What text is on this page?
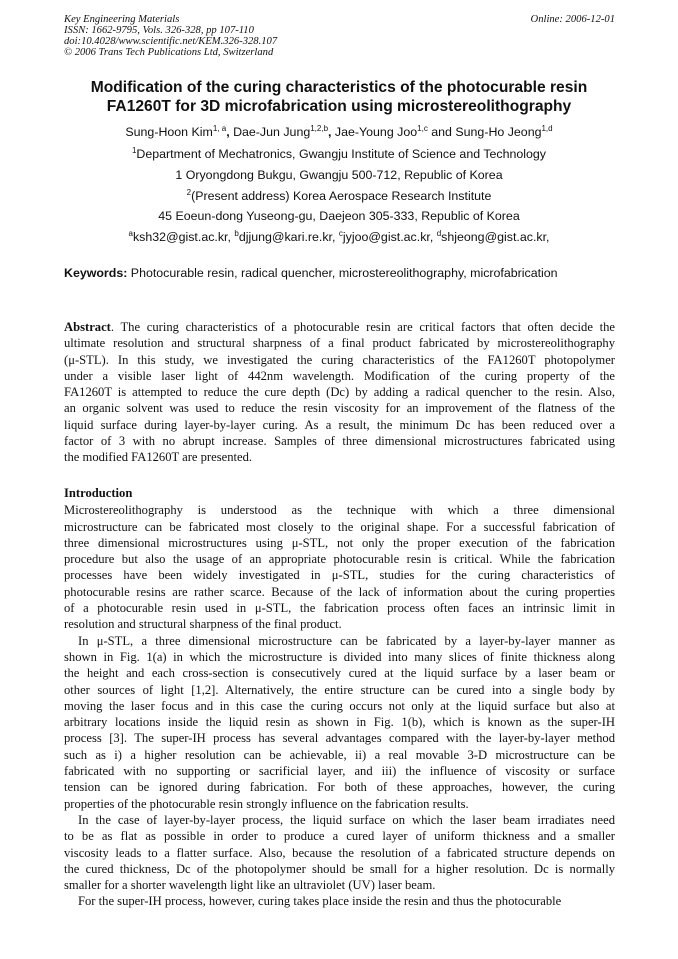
Key Engineering Materials
ISSN: 1662-9795, Vols. 326-328, pp 107-110
doi:10.4028/www.scientific.net/KEM.326-328.107
© 2006 Trans Tech Publications Ltd, Switzerland
Online: 2006-12-01
Modification of the curing characteristics of the photocurable resin
FA1260T for 3D microfabrication using microstereolithography
Sung-Hoon Kim$^{1, a}$, Dae-Jun Jung$^{1,2,b}$, Jae-Young Joo$^{1,c}$ and Sung-Ho Jeong$^{1,d}$
$^1$Department of Mechatronics, Gwangju Institute of Science and Technology
1 Oryongdong Bukgu, Gwangju 500-712, Republic of Korea
$^2$(Present address) Korea Aerospace Research Institute
45 Eoeun-dong Yuseong-gu, Daejeon 305-333, Republic of Korea
$^a$ksh32@gist.ac.kr, $^b$djjung@kari.re.kr, $^c$jyjoo@gist.ac.kr, $^d$shjeong@gist.ac.kr,
Keywords: Photocurable resin, radical quencher, microstereolithography, microfabrication
Abstract. The curing characteristics of a photocurable resin are critical factors that often decide the
ultimate resolution and structural sharpness of a final product fabricated by microstereolithography
(μ-STL). In this study, we investigated the curing characteristics of the FA1260T photopolymer
under a visible laser light of 442nm wavelength. Modification of the curing property of the
FA1260T is attempted to reduce the cure depth (Dc) by adding a radical quencher to the resin. Also,
an organic solvent was used to reduce the resin viscosity for an improvement of the flatness of the
liquid surface during layer-by-layer curing. As a result, the minimum Dc has been reduced over a
factor of 3 with no abrupt increase. Samples of three dimensional microstructures fabricated using
the modified FA1260T are presented.
Introduction
Microstereolithography is understood as the technique with which a three dimensional
microstructure can be fabricated most closely to the original shape. For a successful fabrication of
three dimensional microstructures using μ-STL, not only the proper execution of the fabrication
procedure but also the usage of an appropriate photocurable resin is critical. While the fabrication
processes have been widely investigated in μ-STL, studies for the curing characteristics of
photocurable resins are rather scarce. Because of the lack of information about the curing properties
of a photocurable resin used in μ-STL, the fabrication process often faces an intrinsic limit in
resolution and structural sharpness of the final product.
In μ-STL, a three dimensional microstructure can be fabricated by a layer-by-layer manner as
shown in Fig. 1(a) in which the microstructure is divided into many slices of finite thickness along
the height and each cross-section is consecutively cured at the liquid surface by a laser beam or
other sources of light [1,2]. Alternatively, the entire structure can be cured into a single body by
moving the laser focus and in this case the curing occurs not only at the liquid surface but also at
arbitrary locations inside the liquid resin as shown in Fig. 1(b), which is known as the super-IH
process [3]. The super-IH process has several advantages compared with the layer-by-layer method
such as i) a higher resolution can be achievable, ii) a real movable 3-D microstructure can be
fabricated with no supporting or sacrificial layer, and iii) the influence of viscosity or surface
tension can be ignored during fabrication. For both of these approaches, however, the curing
properties of the photocurable resin strongly influence on the fabrication results.
In the case of layer-by-layer process, the liquid surface on which the laser beam irradiates need
to be as flat as possible in order to produce a cured layer of uniform thickness and a smaller
viscosity leads to a flatter surface. Also, because the resolution of a fabricated structure depends on
the cured thickness, Dc of the photopolymer should be small for a higher resolution. Dc is normally
smaller for a shorter wavelength light like an ultraviolet (UV) laser beam.
For the super-IH process, however, curing takes place inside the resin and thus the photocurable
